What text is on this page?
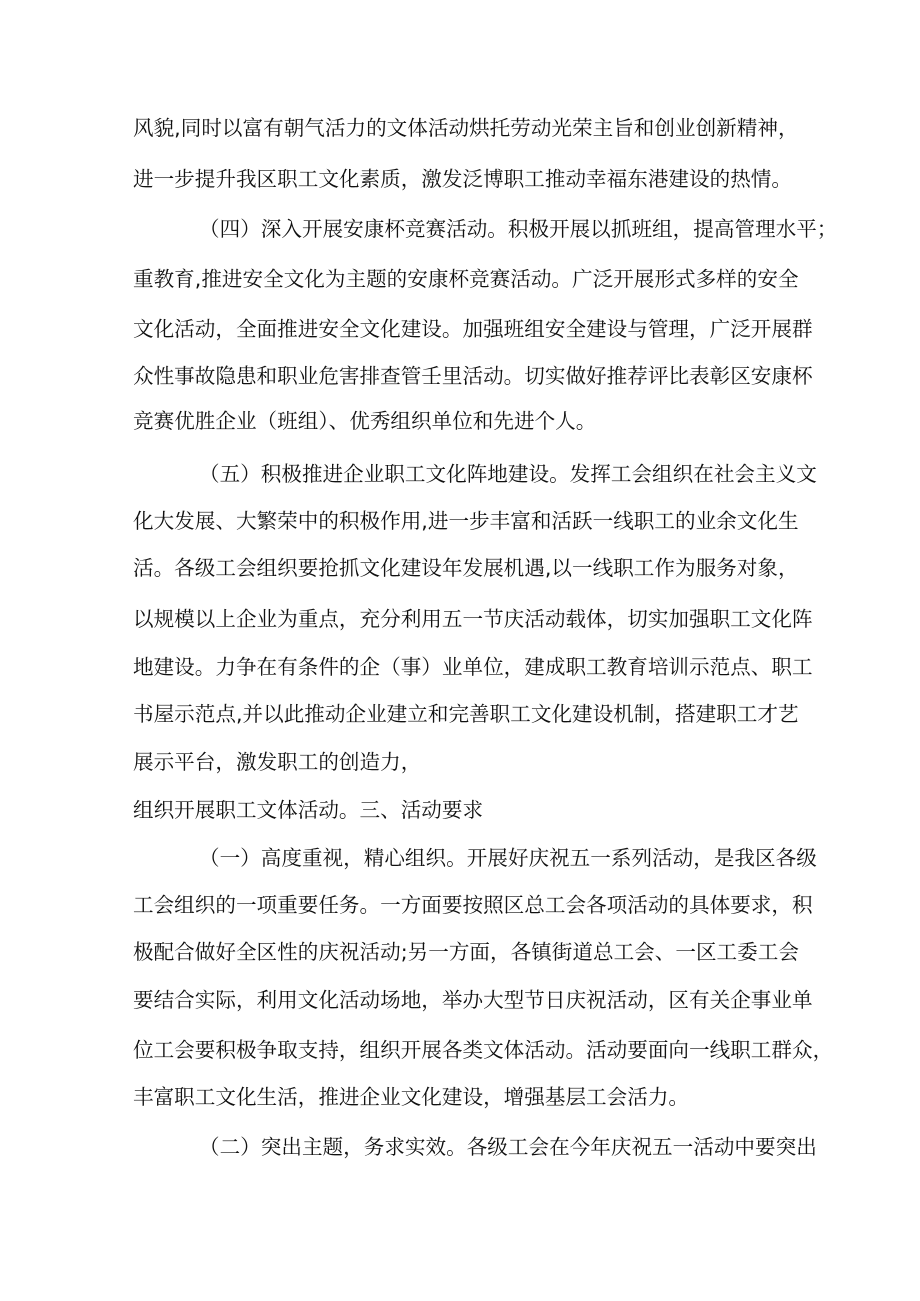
风貌,同时以富有朝气活力的文体活动烘托劳动光荣主旨和创业创新精神，
进一步提升我区职工文化素质，激发泛博职工推动幸福东港建设的热情。
（四）深入开展安康杯竞赛活动。积极开展以抓班组，提高管理水平；
重教育,推进安全文化为主题的安康杯竞赛活动。广泛开展形式多样的安全
文化活动，全面推进安全文化建设。加强班组安全建设与管理，广泛开展群
众性事故隐患和职业危害排查管壬里活动。切实做好推荐评比表彰区安康杯
竞赛优胜企业（班组）、优秀组织单位和先进个人。
（五）积极推进企业职工文化阵地建设。发挥工会组织在社会主义文
化大发展、大繁荣中的积极作用,进一步丰富和活跃一线职工的业余文化生
活。各级工会组织要抢抓文化建设年发展机遇,以一线职工作为服务对象，
以规模以上企业为重点，充分利用五一节庆活动载体，切实加强职工文化阵
地建设。力争在有条件的企（事）业单位，建成职工教育培训示范点、职工
书屋示范点,并以此推动企业建立和完善职工文化建设机制，搭建职工才艺
展示平台，激发职工的创造力，
组织开展职工文体活动。三、活动要求
（一）高度重视，精心组织。开展好庆祝五一系列活动，是我区各级
工会组织的一项重要任务。一方面要按照区总工会各项活动的具体要求，积
极配合做好全区性的庆祝活动;另一方面，各镇街道总工会、一区工委工会
要结合实际，利用文化活动场地，举办大型节日庆祝活动，区有关企事业单
位工会要积极争取支持，组织开展各类文体活动。活动要面向一线职工群众，
丰富职工文化生活，推进企业文化建设，增强基层工会活力。
（二）突出主题，务求实效。各级工会在今年庆祝五一活动中要突出
